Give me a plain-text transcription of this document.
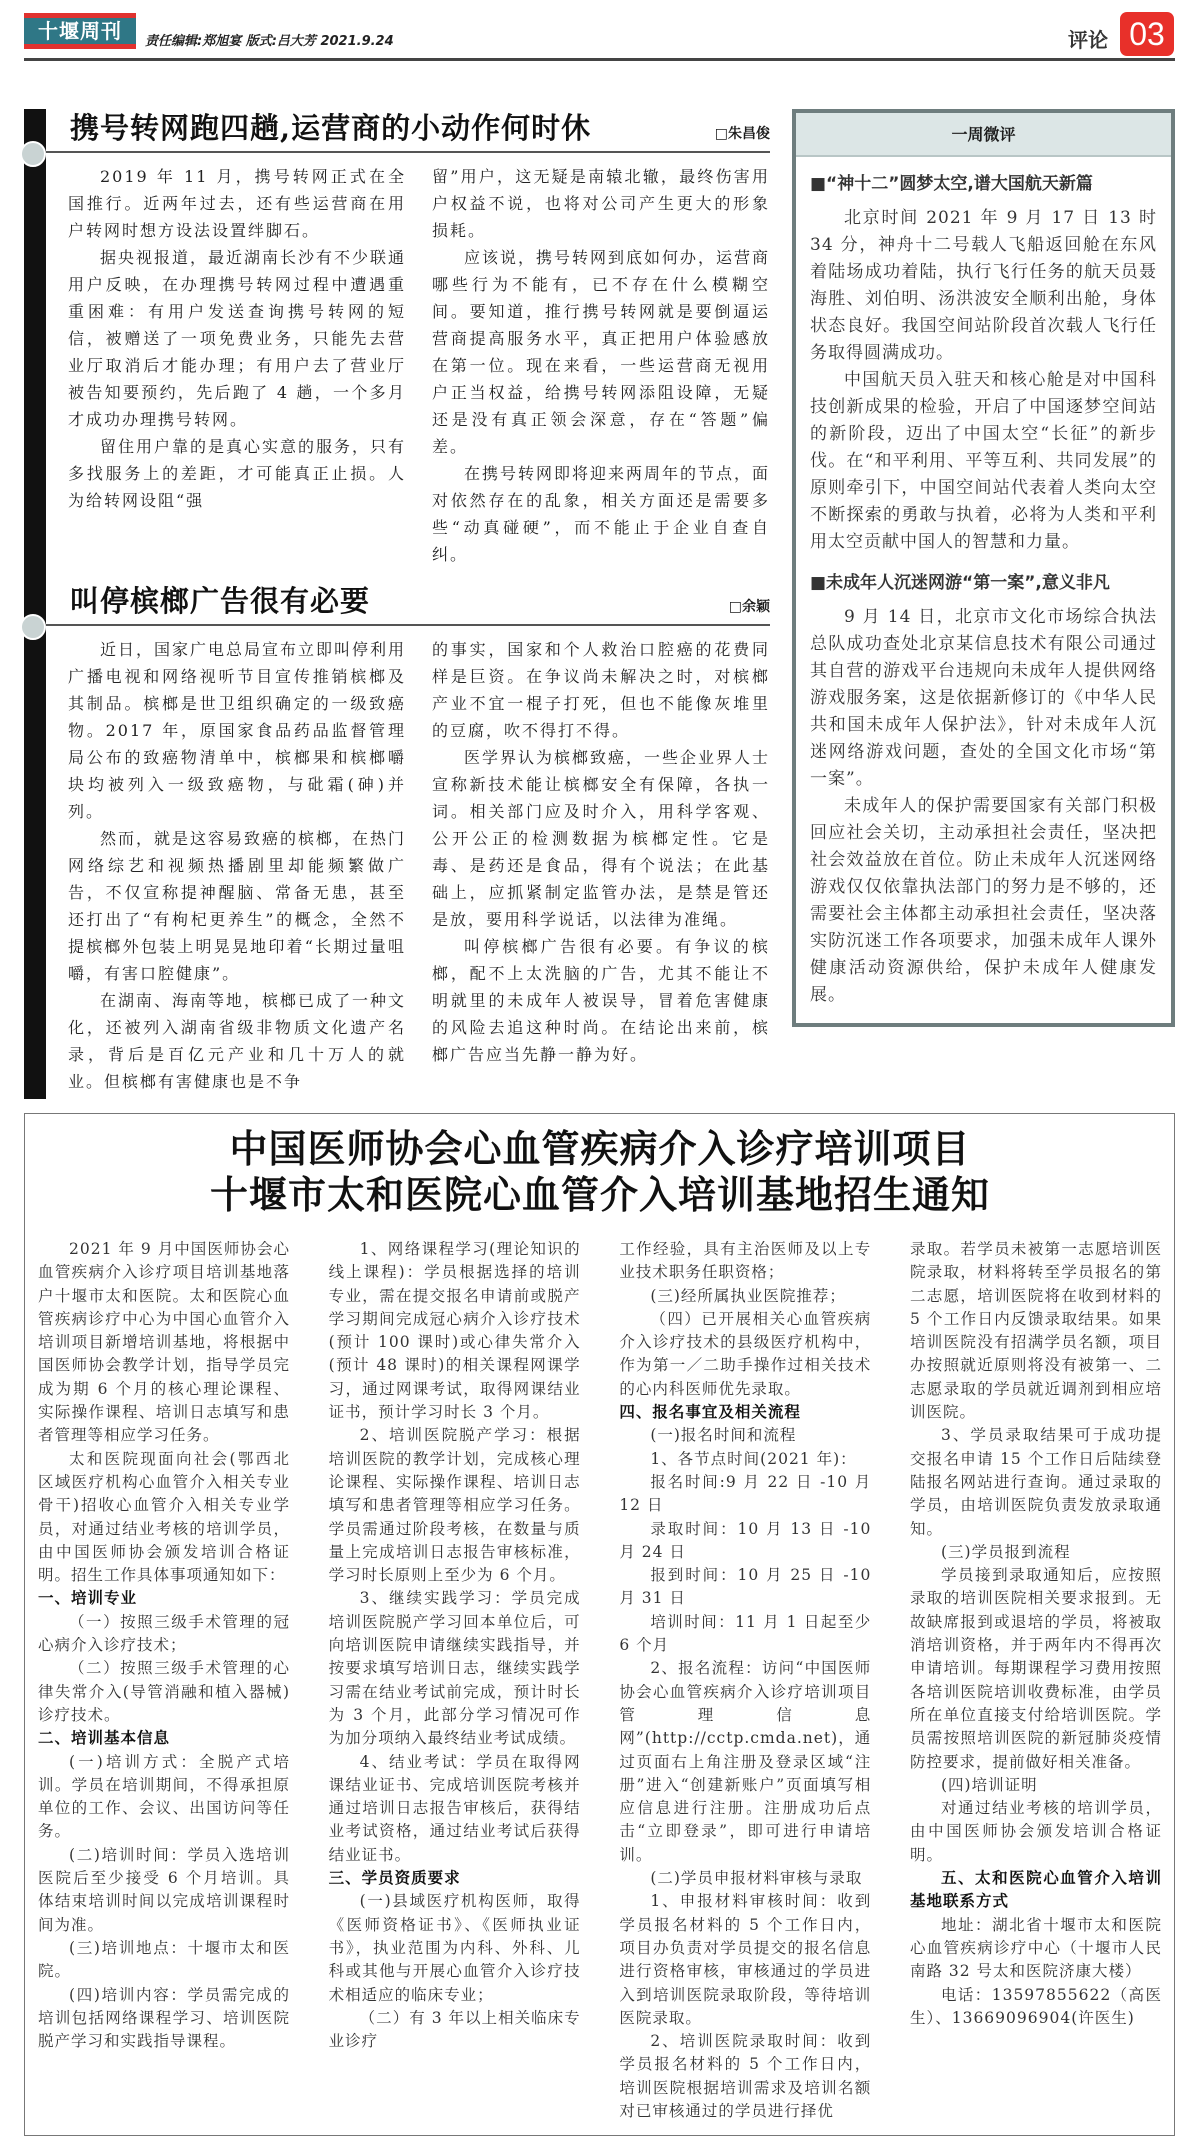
十堰周刊	责任编辑:郑旭宴 版式:吕大芳 2021.9.24	评论 03
携号转网跑四趟,运营商的小动作何时休	□朱昌俊

2019 年 11 月，携号转网正式在全国推行。近两年过去，还有些运营商在用户转网时想方设法设置绊脚石。

据央视报道，最近湖南长沙有不少联通用户反映，在办理携号转网过程中遭遇重重困难：有用户发送查询携号转网的短信，被赠送了一项免费业务，只能先去营业厅取消后才能办理；有用户去了营业厅被告知要预约，先后跑了 4 趟，一个多月才成功办理携号转网。

留住用户靠的是真心实意的服务，只有多找服务上的差距，才可能真正止损。人为给转网设阻“强

留”用户，这无疑是南辕北辙，最终伤害用户权益不说，也将对公司产生更大的形象损耗。

应该说，携号转网到底如何办，运营商哪些行为不能有，已不存在什么模糊空间。要知道，推行携号转网就是要倒逼运营商提高服务水平，真正把用户体验感放在第一位。现在来看，一些运营商无视用户正当权益，给携号转网添阻设障，无疑还是没有真正领会深意，存在“答题”偏差。

在携号转网即将迎来两周年的节点，面对依然存在的乱象，相关方面还是需要多些“动真碰硬”，而不能止于企业自查自纠。

叫停槟榔广告很有必要	□余颖

近日，国家广电总局宣布立即叫停利用广播电视和网络视听节目宣传推销槟榔及其制品。槟榔是世卫组织确定的一级致癌物。2017 年，原国家食品药品监督管理局公布的致癌物清单中，槟榔果和槟榔嚼块均被列入一级致癌物，与砒霜(砷)并列。

然而，就是这容易致癌的槟榔，在热门网络综艺和视频热播剧里却能频繁做广告，不仅宣称提神醒脑、常备无患，甚至还打出了“有枸杞更养生”的概念，全然不提槟榔外包装上明晃晃地印着“长期过量咀嚼，有害口腔健康”。

在湖南、海南等地，槟榔已成了一种文化，还被列入湖南省级非物质文化遗产名录，背后是百亿元产业和几十万人的就业。但槟榔有害健康也是不争

的事实，国家和个人救治口腔癌的花费同样是巨资。在争议尚未解决之时，对槟榔产业不宜一棍子打死，但也不能像灰堆里的豆腐，吹不得打不得。

医学界认为槟榔致癌，一些企业界人士宣称新技术能让槟榔安全有保障，各执一词。相关部门应及时介入，用科学客观、公开公正的检测数据为槟榔定性。它是毒、是药还是食品，得有个说法；在此基础上，应抓紧制定监管办法，是禁是管还是放，要用科学说话，以法律为准绳。

叫停槟榔广告很有必要。有争议的槟榔，配不上太洗脑的广告，尤其不能让不明就里的未成年人被误导，冒着危害健康的风险去追这种时尚。在结论出来前，槟榔广告应当先静一静为好。

一周微评
■“神十二”圆梦太空,谱大国航天新篇

北京时间 2021 年 9 月 17 日 13 时 34 分，神舟十二号载人飞船返回舱在东风着陆场成功着陆，执行飞行任务的航天员聂海胜、刘伯明、汤洪波安全顺利出舱，身体状态良好。我国空间站阶段首次载人飞行任务取得圆满成功。

中国航天员入驻天和核心舱是对中国科技创新成果的检验，开启了中国逐梦空间站的新阶段，迈出了中国太空“长征”的新步伐。在“和平利用、平等互利、共同发展”的原则牵引下，中国空间站代表着人类向太空不断探索的勇敢与执着，必将为人类和平利用太空贡献中国人的智慧和力量。

■未成年人沉迷网游“第一案”,意义非凡

9 月 14 日，北京市文化市场综合执法总队成功查处北京某信息技术有限公司通过其自营的游戏平台违规向未成年人提供网络游戏服务案，这是依据新修订的《中华人民共和国未成年人保护法》，针对未成年人沉迷网络游戏问题，查处的全国文化市场“第一案”。

未成年人的保护需要国家有关部门积极回应社会关切，主动承担社会责任，坚决把社会效益放在首位。防止未成年人沉迷网络游戏仅仅依靠执法部门的努力是不够的，还需要社会主体都主动承担社会责任，坚决落实防沉迷工作各项要求，加强未成年人课外健康活动资源供给，保护未成年人健康发展。

中国医师协会心血管疾病介入诊疗培训项目
十堰市太和医院心血管介入培训基地招生通知

2021 年 9 月中国医师协会心血管疾病介入诊疗项目培训基地落户十堰市太和医院。太和医院心血管疾病诊疗中心为中国心血管介入培训项目新增培训基地，将根据中国医师协会教学计划，指导学员完成为期 6 个月的核心理论课程、实际操作课程、培训日志填写和患者管理等相应学习任务。

太和医院现面向社会(鄂西北区域医疗机构心血管介入相关专业骨干)招收心血管介入相关专业学员，对通过结业考核的培训学员，由中国医师协会颁发培训合格证明。招生工作具体事项通知如下：

一、培训专业

（一）按照三级手术管理的冠心病介入诊疗技术；

（二）按照三级手术管理的心律失常介入(导管消融和植入器械)诊疗技术。

二、培训基本信息

(一)培训方式：全脱产式培训。学员在培训期间，不得承担原单位的工作、会议、出国访问等任务。

(二)培训时间：学员入选培训医院后至少接受 6 个月培训。具体结束培训时间以完成培训课程时间为准。

(三)培训地点：十堰市太和医院。

(四)培训内容：学员需完成的培训包括网络课程学习、培训医院脱产学习和实践指导课程。

1、网络课程学习(理论知识的线上课程)：学员根据选择的培训专业，需在提交报名申请前或脱产学习期间完成冠心病介入诊疗技术(预计 100 课时)或心律失常介入(预计 48 课时)的相关课程网课学习，通过网课考试，取得网课结业证书，预计学习时长 3 个月。

2、培训医院脱产学习：根据培训医院的教学计划，完成核心理论课程、实际操作课程、培训日志填写和患者管理等相应学习任务。学员需通过阶段考核，在数量与质量上完成培训日志报告审核标准，学习时长原则上至少为 6 个月。

3、继续实践学习：学员完成培训医院脱产学习回本单位后，可向培训医院申请继续实践指导，并按要求填写培训日志，继续实践学习需在结业考试前完成，预计时长为 3 个月，此部分学习情况可作为加分项纳入最终结业考试成绩。

4、结业考试：学员在取得网课结业证书、完成培训医院考核并通过培训日志报告审核后，获得结业考试资格，通过结业考试后获得结业证书。

三、学员资质要求

(一)县域医疗机构医师，取得《医师资格证书》、《医师执业证书》，执业范围为内科、外科、儿科或其他与开展心血管介入诊疗技术相适应的临床专业；

（二）有 3 年以上相关临床专业诊疗

工作经验，具有主治医师及以上专业技术职务任职资格；

(三)经所属执业医院推荐；

（四）已开展相关心血管疾病介入诊疗技术的县级医疗机构中，作为第一／二助手操作过相关技术的心内科医师优先录取。

四、报名事宜及相关流程

(一)报名时间和流程

1、各节点时间(2021 年)：

报名时间:9 月 22 日 -10 月 12 日

录取时间：10 月 13 日 -10 月 24 日

报到时间：10 月 25 日 -10 月 31 日

培训时间：11 月 1 日起至少 6 个月

2、报名流程：访问“中国医师协会心血管疾病介入诊疗培训项目管理信息网”(http://cctp.cmda.net)，通过页面右上角注册及登录区域“注册”进入“创建新账户”页面填写相应信息进行注册。注册成功后点击“立即登录”，即可进行申请培训。

(二)学员申报材料审核与录取

1、申报材料审核时间：收到学员报名材料的 5 个工作日内，项目办负责对学员提交的报名信息进行资格审核，审核通过的学员进入到培训医院录取阶段，等待培训医院录取。

2、培训医院录取时间：收到学员报名材料的 5 个工作日内，培训医院根据培训需求及培训名额对已审核通过的学员进行择优

录取。若学员未被第一志愿培训医院录取，材料将转至学员报名的第二志愿，培训医院将在收到材料的 5 个工作日内反馈录取结果。如果培训医院没有招满学员名额，项目办按照就近原则将没有被第一、二志愿录取的学员就近调剂到相应培训医院。

3、学员录取结果可于成功提交报名申请 15 个工作日后陆续登陆报名网站进行查询。通过录取的学员，由培训医院负责发放录取通知。

(三)学员报到流程

学员接到录取通知后，应按照录取的培训医院相关要求报到。无故缺席报到或退培的学员，将被取消培训资格，并于两年内不得再次申请培训。每期课程学习费用按照各培训医院培训收费标准，由学员所在单位直接支付给培训医院。学员需按照培训医院的新冠肺炎疫情防控要求，提前做好相关准备。

(四)培训证明

对通过结业考核的培训学员，由中国医师协会颁发培训合格证明。

五、太和医院心血管介入培训基地联系方式

地址：湖北省十堰市太和医院心血管疾病诊疗中心（十堰市人民南路 32 号太和医院济康大楼）

电话：13597855622（高医生）、13669096904(许医生)
